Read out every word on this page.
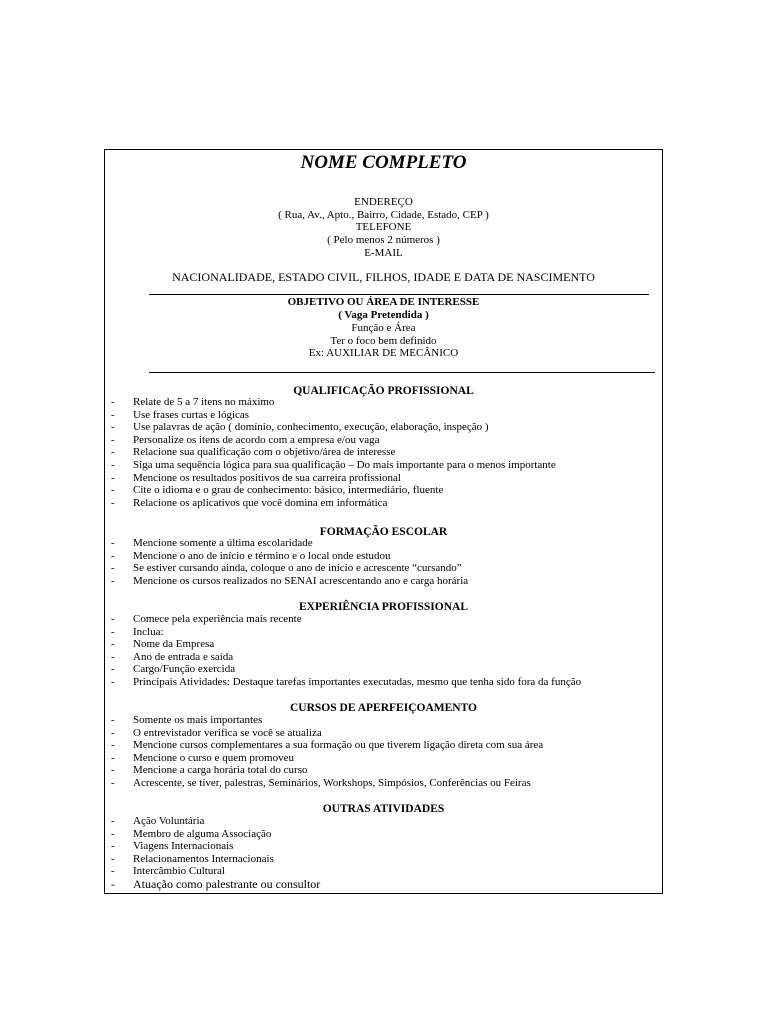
NOME COMPLETO
ENDEREÇO
( Rua, Av., Apto., Bairro, Cidade, Estado, CEP )
TELEFONE
( Pelo menos 2 números )
E-MAIL
NACIONALIDADE, ESTADO CIVIL, FILHOS, IDADE E DATA DE NASCIMENTO
OBJETIVO OU ÁREA DE INTERESSE
( Vaga Pretendida )
Função e Área
Ter o foco bem definido
Ex: AUXILIAR DE MECÂNICO
QUALIFICAÇÃO PROFISSIONAL
- Relate de 5 a 7 itens no máximo
- Use frases curtas e lógicas
- Use palavras de ação ( domínio, conhecimento, execução, elaboração, inspeção )
- Personalize os itens de acordo com a empresa e/ou vaga
- Relacione sua qualificação com o objetivo/área de interesse
- Siga uma sequência lógica para sua qualificação – Do mais importante para o menos importante
- Mencione os resultados positivos de sua carreira profissional
- Cite o idioma e o grau de conhecimento: básico, intermediário, fluente
- Relacione os aplicativos que você domina em informática
FORMAÇÃO ESCOLAR
- Mencione somente a última escolaridade
- Mencione o ano de início e término e o local onde estudou
- Se estiver cursando ainda, coloque o ano de início e acrescente “cursando”
- Mencione os cursos realizados no SENAI acrescentando ano e carga horária
EXPERIÊNCIA PROFISSIONAL
- Comece pela experiência mais recente
- Inclua:
- Nome da Empresa
- Ano de entrada e saída
- Cargo/Função exercida
- Principais Atividades: Destaque tarefas importantes executadas, mesmo que tenha sido fora da função
CURSOS DE APERFEIÇOAMENTO
- Somente os mais importantes
- O entrevistador verifica se você se atualiza
- Mencione cursos complementares a sua formação ou que tiverem ligação direta com sua área
- Mencione o curso e quem promoveu
- Mencione a carga horária total do curso
- Acrescente, se tiver, palestras, Seminários, Workshops, Simpósios, Conferências ou Feiras
OUTRAS ATIVIDADES
- Ação Voluntária
- Membro de alguma Associação
- Viagens Internacionais
- Relacionamentos Internacionais
- Intercâmbio Cultural
- Atuação como palestrante ou consultor
